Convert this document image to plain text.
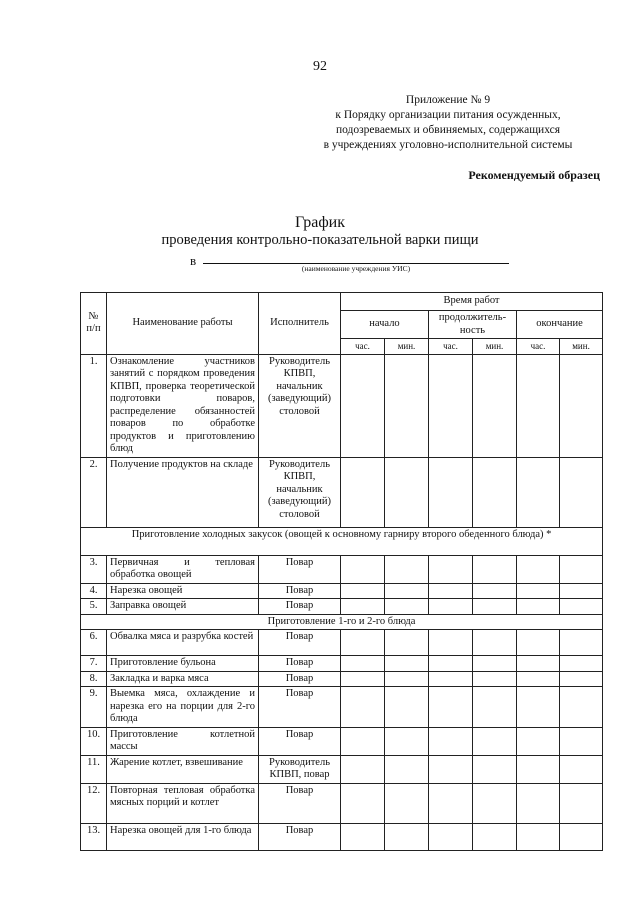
92
Приложение № 9
к Порядку организации питания осужденных,
подозреваемых и обвиняемых, содержащихся
в учреждениях уголовно-исполнительной системы
Рекомендуемый образец
График
проведения контрольно-показательной варки пищи
в
(наименование учреждения УИС)
№ п/п	Наименование работы	Исполнитель	Время работ					
			начало		продолжитель-ность		окончание	
			час.	мин.	час.	мин.	час.	мин.
1.	Ознакомление участников занятий с порядком проведения КПВП, проверка теоретической подготовки поваров, распределение обязанностей поваров по обработке продуктов и приготовлению блюд	Руководитель КПВП, начальник (заведующий) столовой						
2.	Получение продуктов на складе	Руководитель КПВП, начальник (заведующий) столовой						
Приготовление холодных закусок (овощей к основному гарниру второго обеденного блюда) *								
3.	Первичная и тепловая обработка овощей	Повар						
4.	Нарезка овощей	Повар						
5.	Заправка овощей	Повар						
Приготовление 1-го и 2-го блюда								
6.	Обвалка мяса и разрубка костей	Повар						
7.	Приготовление бульона	Повар						
8.	Закладка и варка мяса	Повар						
9.	Выемка мяса, охлаждение и нарезка его на порции для 2-го блюда	Повар						
10.	Приготовление котлетной массы	Повар						
11.	Жарение котлет, взвешивание	Руководитель КПВП, повар						
12.	Повторная тепловая обработка мясных порций и котлет	Повар						
13.	Нарезка овощей для 1-го блюда	Повар						
